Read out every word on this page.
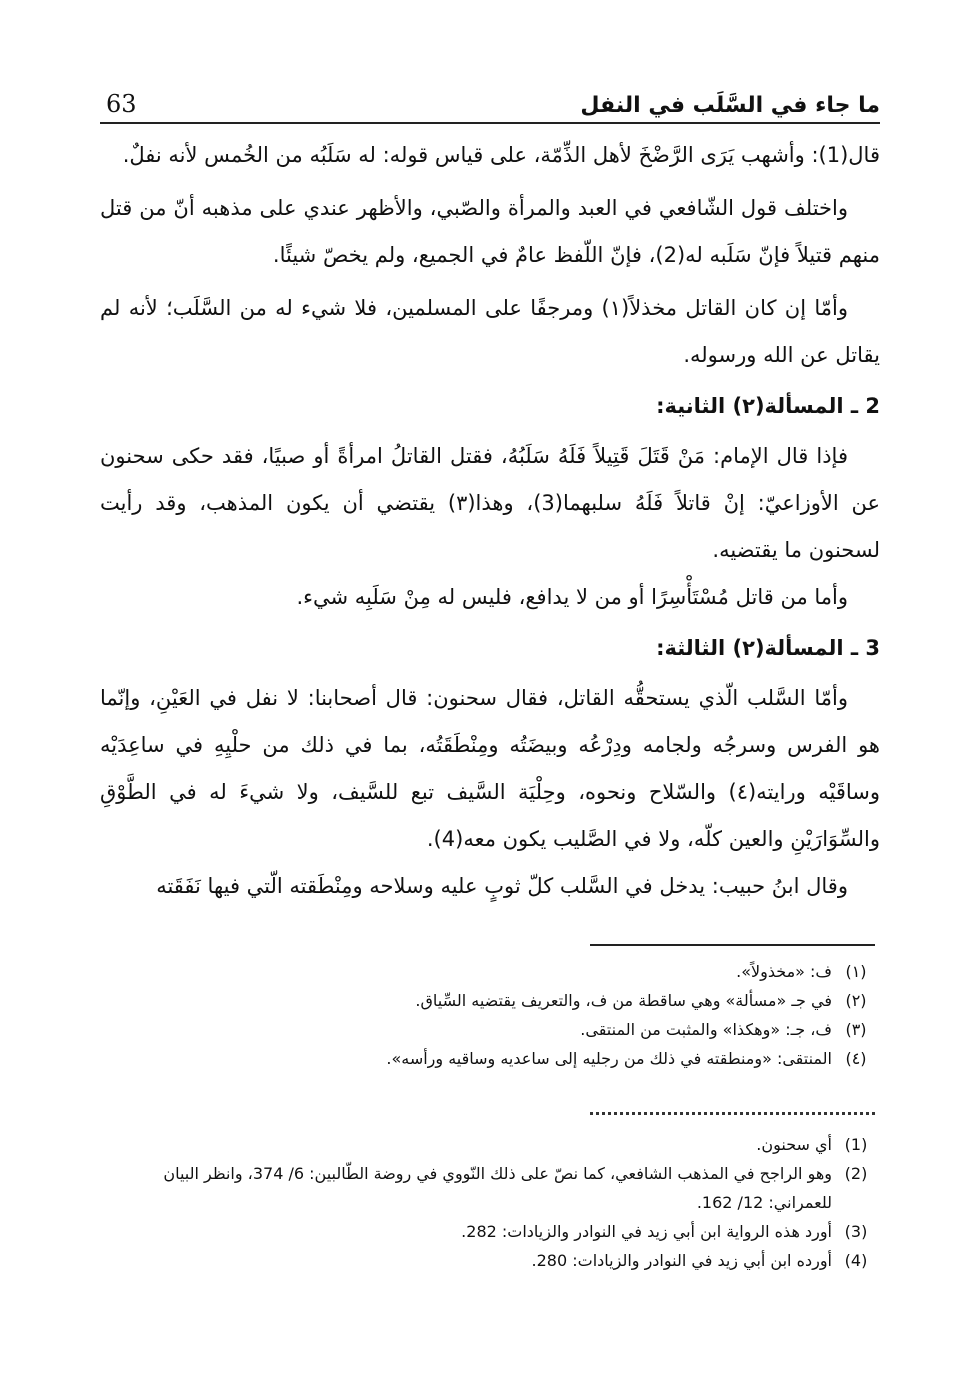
ما جاء في السَّلَب في النفل
63

قال(1): وأشهب يَرَى الرَّضْخَ لأهل الذِّمّة، على قياس قوله: له سَلَبُه من الخُمس لأنه نفلٌ.

واختلف قول الشّافعي في العبد والمرأة والصّبي، والأظهر عندي على مذهبه أنّ من قتل منهم قتيلاً فإنّ سَلَبه له(2)، فإنّ اللّفظ عامٌ في الجميع، ولم يخصّ شيئًا.

وأمّا إن كان القاتل مخذلاً(١) ومرجفًا على المسلمين، فلا شيء له من السَّلَب؛ لأنه لم يقاتل عن الله ورسوله.

2 ـ المسألة(٢) الثانية:

فإذا قال الإمام: مَنْ قَتَلَ قَتِيلاً فَلَهُ سَلَبُهُ، فقتل القاتلُ امرأةً أو صبيًا، فقد حكى سحنون عن الأوزاعيّ: إنْ قاتلاً فَلَهُ سلبهما(3)، وهذا(٣) يقتضي أن يكون المذهب، وقد رأيت لسحنون ما يقتضيه.

وأما من قاتل مُسْتَأْسِرًا أو من لا يدافع، فليس له مِنْ سَلَبِه شيء.

3 ـ المسألة(٢) الثالثة:

وأمّا السَّلب الّذي يستحقُّه القاتل، فقال سحنون: قال أصحابنا: لا نفل في العَيْنِ، وإنّما هو الفرس وسرجُه ولجامه ودِرْعُه وبيضَتُه ومِنْطَقَتُه، بما في ذلك من حلْيِهِ في ساعِدَيْه وساقَيْه ورايته(٤) والسّلاح ونحوه، وحِلْيَة السَّيف تبع للسَّيف، ولا شيءَ له في الطَّوْقِ والسِّوَارَيْنِ والعين كلّه، ولا في الصَّليب يكون معه(4).

وقال ابنُ حبيب: يدخل في السَّلب كلّ ثوبٍ عليه وسلاحه ومِنْطَقته الّتي فيها نَفَقَته

(١)
ف: «مخذولاً».
(٢)
في جـ «مسألة» وهي ساقطة من ف، والتعريف يقتضيه السِّياق.
(٣)
ف، جـ: «وهكذا» والمثبت من المنتقى.
(٤)
المنتقى: «ومنطقته في ذلك من رجليه إلى ساعديه وساقيه ورأسه».
(1)
أي سحنون.
(2)
وهو الراجح في المذهب الشافعي، كما نصّ على ذلك النّووي في روضة الطّالبين: 6/ 374، وانظر البيان للعمراني: 12/ 162.
(3)
أورد هذه الرواية ابن أبي زيد في النوادر والزيادات: 282.
(4)
أورده ابن أبي زيد في النوادر والزيادات: 280.
